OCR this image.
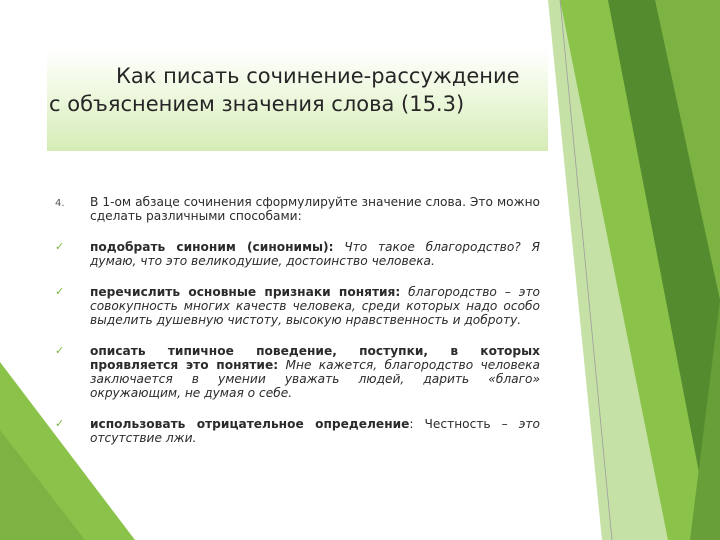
Как писать сочинение-рассуждение
с объяснением значения слова (15.3)
4. В 1-ом абзаце сочинения сформулируйте значение слова. Это можно сделать различными способами:
✓ подобрать синоним (синонимы): Что такое благородство? Я думаю, что это великодушие, достоинство человека.
✓ перечислить основные признаки понятия: благородство – это совокупность многих качеств человека, среди которых надо особо выделить душевную чистоту, высокую нравственность и доброту.
✓ описать типичное поведение, поступки, в которых проявляется это понятие: Мне кажется, благородство человека заключается в умении уважать людей, дарить «благо» окружающим, не думая о себе.
✓ использовать отрицательное определение: Честность – это отсутствие лжи.
